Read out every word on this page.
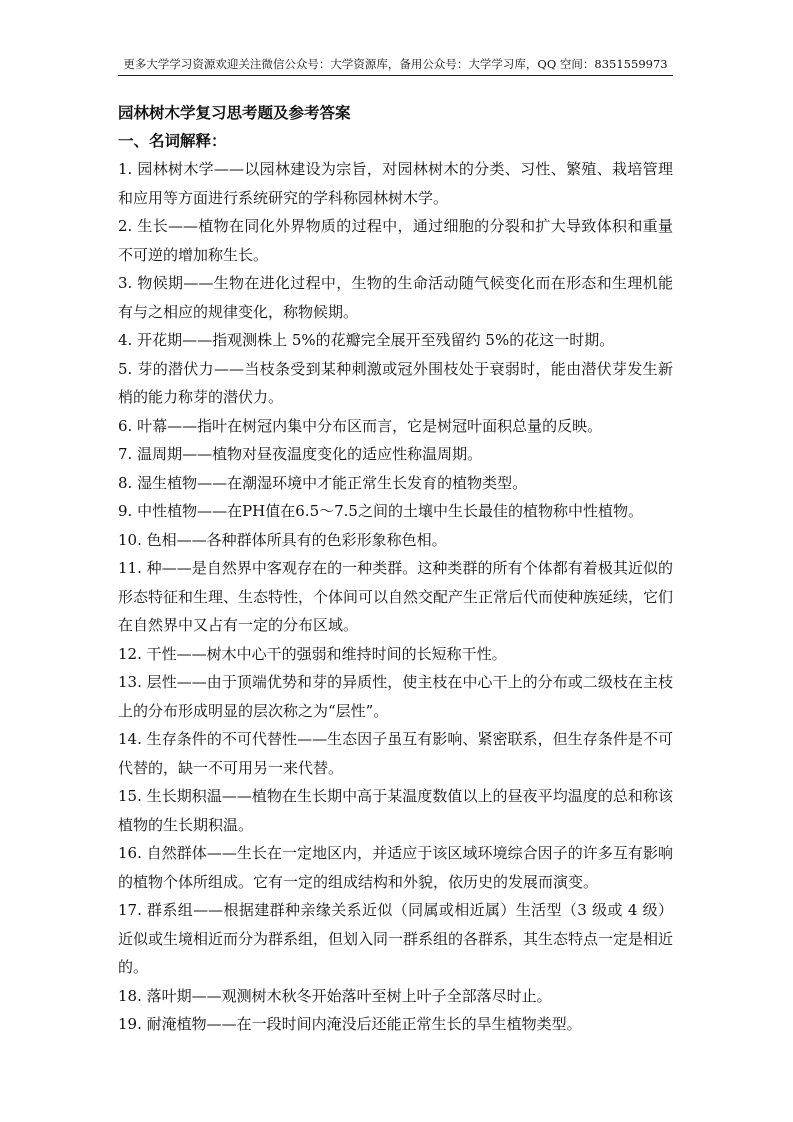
更多大学学习资源欢迎关注微信公众号：大学资源库，备用公众号：大学学习库，QQ 空间：8351559973

园林树木学复习思考题及参考答案

一、名词解释：

1. 园林树木学——以园林建设为宗旨，对园林树木的分类、习性、繁殖、栽培管理和应用等方面进行系统研究的学科称园林树木学。

2. 生长——植物在同化外界物质的过程中，通过细胞的分裂和扩大导致体积和重量不可逆的增加称生长。

3. 物候期——生物在进化过程中，生物的生命活动随气候变化而在形态和生理机能有与之相应的规律变化，称物候期。

4. 开花期——指观测株上 5%的花瓣完全展开至残留约 5%的花这一时期。

5. 芽的潜伏力——当枝条受到某种刺激或冠外围枝处于衰弱时，能由潜伏芽发生新梢的能力称芽的潜伏力。

6. 叶幕——指叶在树冠内集中分布区而言，它是树冠叶面积总量的反映。

7. 温周期——植物对昼夜温度变化的适应性称温周期。

8. 湿生植物——在潮湿环境中才能正常生长发育的植物类型。

9. 中性植物——在PH值在6.5～7.5之间的土壤中生长最佳的植物称中性植物。

10. 色相——各种群体所具有的色彩形象称色相。

11. 种——是自然界中客观存在的一种类群。这种类群的所有个体都有着极其近似的形态特征和生理、生态特性，个体间可以自然交配产生正常后代而使种族延续，它们在自然界中又占有一定的分布区域。

12. 干性——树木中心干的强弱和维持时间的长短称干性。

13. 层性——由于顶端优势和芽的异质性，使主枝在中心干上的分布或二级枝在主枝上的分布形成明显的层次称之为“层性”。

14. 生存条件的不可代替性——生态因子虽互有影响、紧密联系，但生存条件是不可代替的，缺一不可用另一来代替。

15. 生长期积温——植物在生长期中高于某温度数值以上的昼夜平均温度的总和称该植物的生长期积温。

16. 自然群体——生长在一定地区内，并适应于该区域环境综合因子的许多互有影响的植物个体所组成。它有一定的组成结构和外貌，依历史的发展而演变。

17. 群系组——根据建群种亲缘关系近似（同属或相近属）生活型（3 级或 4 级）近似或生境相近而分为群系组，但划入同一群系组的各群系，其生态特点一定是相近的。

18. 落叶期——观测树木秋冬开始落叶至树上叶子全部落尽时止。

19. 耐淹植物——在一段时间内淹没后还能正常生长的旱生植物类型。
